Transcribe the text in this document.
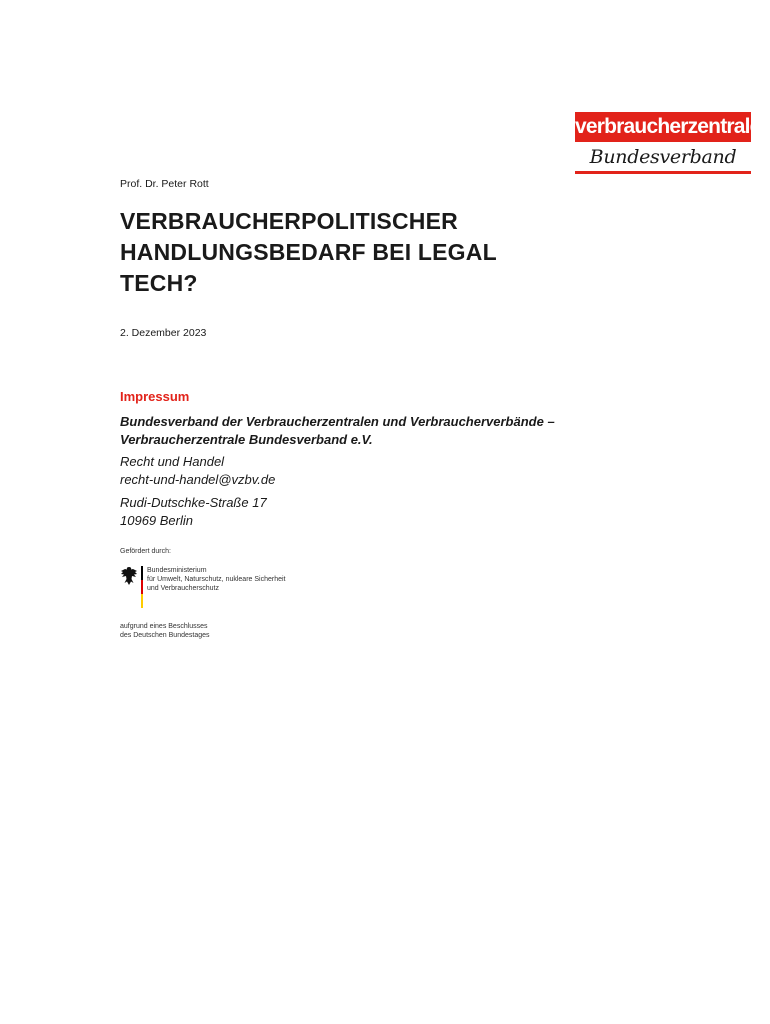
verbraucherzentrale
Bundesverband
Prof. Dr. Peter Rott
VERBRAUCHERPOLITISCHER
HANDLUNGSBEDARF BEI LEGAL
TECH?
2. Dezember 2023
Impressum
Bundesverband der Verbraucherzentralen und Verbraucherverbände –
Verbraucherzentrale Bundesverband e.V.
Recht und Handel
recht-und-handel@vzbv.de
Rudi-Dutschke-Straße 17
10969 Berlin
Gefördert durch:
Bundesministerium
für Umwelt, Naturschutz, nukleare Sicherheit
und Verbraucherschutz
aufgrund eines Beschlusses
des Deutschen Bundestages
